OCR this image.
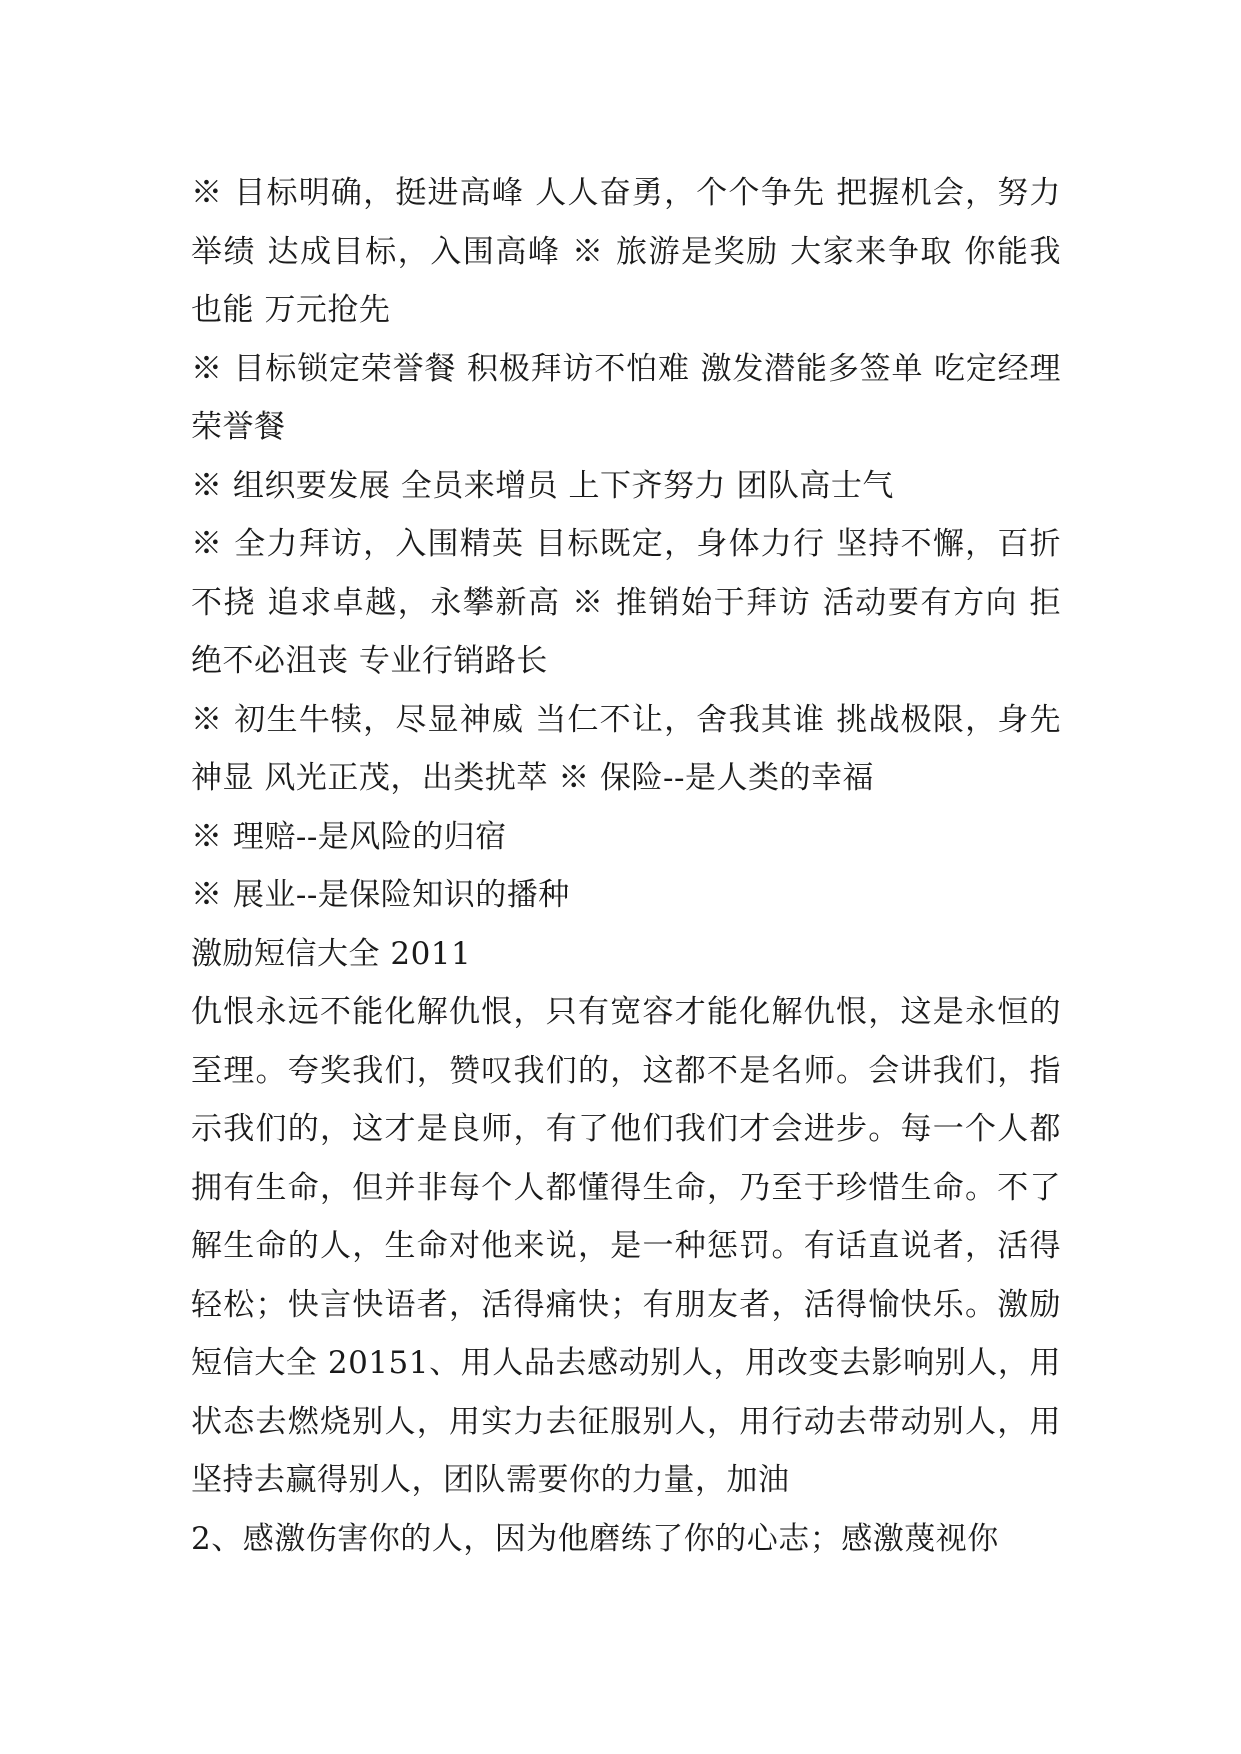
※ 目标明确，挺进高峰 人人奋勇，个个争先 把握机会，努力举绩 达成目标，入围高峰 ※ 旅游是奖励 大家来争取 你能我也能 万元抢先

※ 目标锁定荣誉餐 积极拜访不怕难 激发潜能多签单 吃定经理荣誉餐

※ 组织要发展 全员来增员 上下齐努力 团队高士气

※ 全力拜访，入围精英 目标既定，身体力行 坚持不懈，百折不挠 追求卓越，永攀新高 ※ 推销始于拜访 活动要有方向 拒绝不必沮丧 专业行销路长

※ 初生牛犊，尽显神威 当仁不让，舍我其谁 挑战极限，身先神显 风光正茂，出类扰萃 ※ 保险--是人类的幸福

※ 理赔--是风险的归宿

※ 展业--是保险知识的播种

激励短信大全 2011

仇恨永远不能化解仇恨，只有宽容才能化解仇恨，这是永恒的至理。夸奖我们，赞叹我们的，这都不是名师。会讲我们，指示我们的，这才是良师，有了他们我们才会进步。每一个人都拥有生命，但并非每个人都懂得生命，乃至于珍惜生命。不了解生命的人，生命对他来说，是一种惩罚。有话直说者，活得轻松；快言快语者，活得痛快；有朋友者，活得愉快乐。激励短信大全 20151、用人品去感动别人，用改变去影响别人，用状态去燃烧别人，用实力去征服别人，用行动去带动别人，用坚持去赢得别人，团队需要你的力量，加油

2、感激伤害你的人，因为他磨练了你的心志；感激蔑视你
